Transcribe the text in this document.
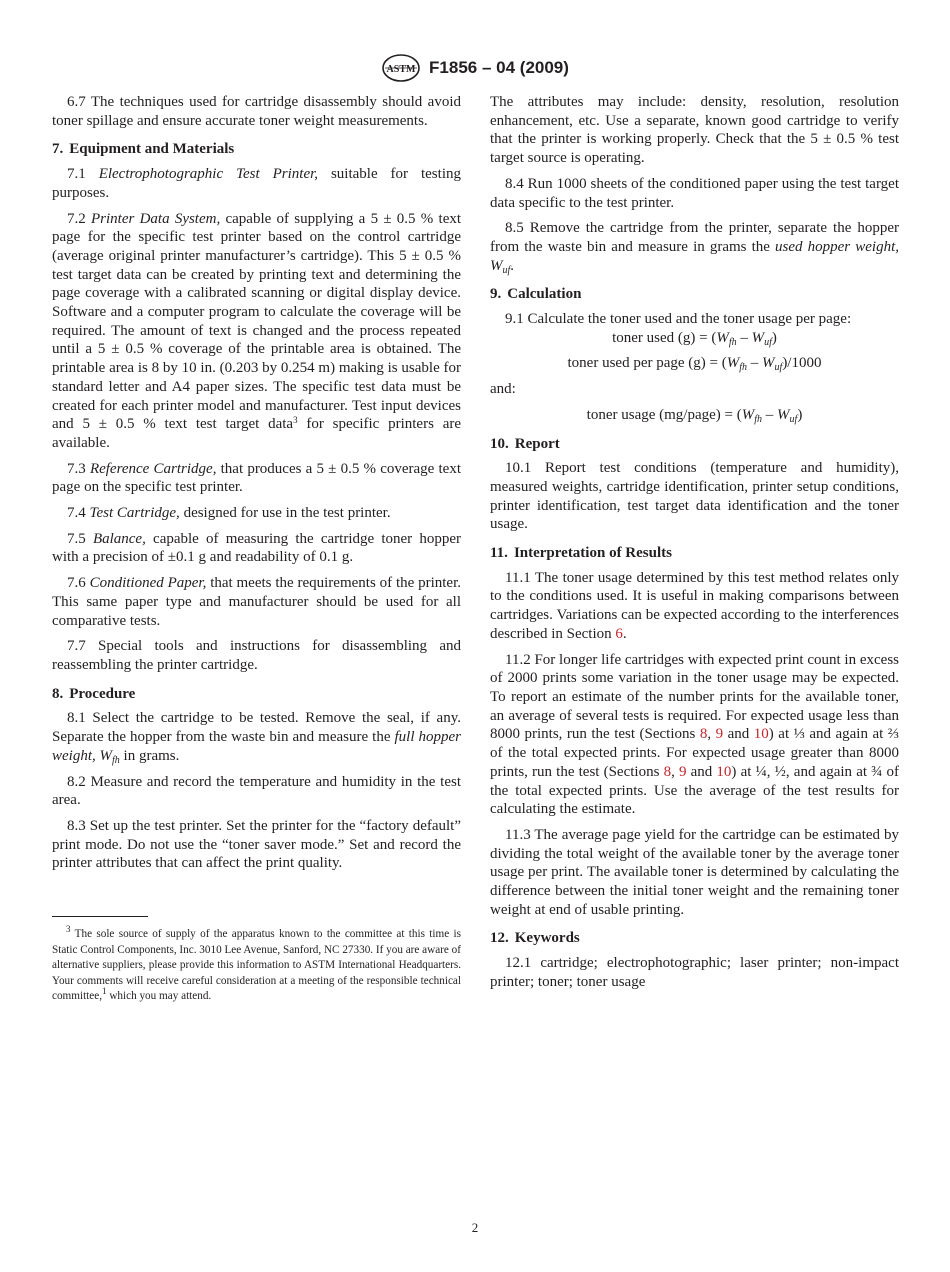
ASTM F1856 – 04 (2009)

6.7 The techniques used for cartridge disassembly should avoid toner spillage and ensure accurate toner weight measurements.

7. Equipment and Materials

7.1 Electrophotographic Test Printer, suitable for testing purposes.

7.2 Printer Data System, capable of supplying a 5 ± 0.5 % text page for the specific test printer based on the control cartridge (average original printer manufacturer’s cartridge). This 5 ± 0.5 % test target data can be created by printing text and determining the page coverage with a calibrated scanning or digital display device. Software and a computer program to calculate the coverage will be required. The amount of text is changed and the process repeated until a 5 ± 0.5 % coverage of the printable area is obtained. The printable area is 8 by 10 in. (0.203 by 0.254 m) making is usable for standard letter and A4 paper sizes. The specific test data must be created for each printer model and manufacturer. Test input devices and 5 ± 0.5 % text test target data$^3$ for specific printers are available.

7.3 Reference Cartridge, that produces a 5 ± 0.5 % coverage text page on the specific test printer.

7.4 Test Cartridge, designed for use in the test printer.

7.5 Balance, capable of measuring the cartridge toner hopper with a precision of ±0.1 g and readability of 0.1 g.

7.6 Conditioned Paper, that meets the requirements of the printer. This same paper type and manufacturer should be used for all comparative tests.

7.7 Special tools and instructions for disassembling and reassembling the printer cartridge.

8. Procedure

8.1 Select the cartridge to be tested. Remove the seal, if any. Separate the hopper from the waste bin and measure the full hopper weight, $W_{fh}$ in grams.

8.2 Measure and record the temperature and humidity in the test area.

8.3 Set up the test printer. Set the printer for the “factory default” print mode. Do not use the “toner saver mode.” Set and record the printer attributes that can affect the print quality.

$^3$ The sole source of supply of the apparatus known to the committee at this time is Static Control Components, Inc. 3010 Lee Avenue, Sanford, NC 27330. If you are aware of alternative suppliers, please provide this information to ASTM International Headquarters. Your comments will receive careful consideration at a meeting of the responsible technical committee,$^1$ which you may attend.

The attributes may include: density, resolution, resolution enhancement, etc. Use a separate, known good cartridge to verify that the printer is working properly. Check that the 5 ± 0.5 % test target source is operating.

8.4 Run 1000 sheets of the conditioned paper using the test target data specific to the test printer.

8.5 Remove the cartridge from the printer, separate the hopper from the waste bin and measure in grams the used hopper weight, $W_{uf}$.

9. Calculation

9.1 Calculate the toner used and the toner usage per page:

toner used $(g) = (W_{fh} - W_{uf})$

toner used per page $(g) = (W_{fh} - W_{uf})/1000$

and:

toner usage (mg/page) = $(W_{fh} - W_{uf})$

10. Report

10.1 Report test conditions (temperature and humidity), measured weights, cartridge identification, printer setup conditions, printer identification, test target data identification and the toner usage.

11. Interpretation of Results

11.1 The toner usage determined by this test method relates only to the conditions used. It is useful in making comparisons between cartridges. Variations can be expected according to the interferences described in Section 6.

11.2 For longer life cartridges with expected print count in excess of 2000 prints some variation in the toner usage may be expected. To report an estimate of the number prints for the available toner, an average of several tests is required. For expected usage less than 8000 prints, run the test (Sections 8, 9 and 10) at ⅓ and again at ⅔ of the total expected prints. For expected usage greater than 8000 prints, run the test (Sections 8, 9 and 10) at ¼, ½, and again at ¾ of the total expected prints. Use the average of the test results for calculating the estimate.

11.3 The average page yield for the cartridge can be estimated by dividing the total weight of the available toner by the average toner usage per print. The available toner is determined by calculating the difference between the initial toner weight and the remaining toner weight at end of usable printing.

12. Keywords

12.1 cartridge; electrophotographic; laser printer; non-impact printer; toner; toner usage

2
